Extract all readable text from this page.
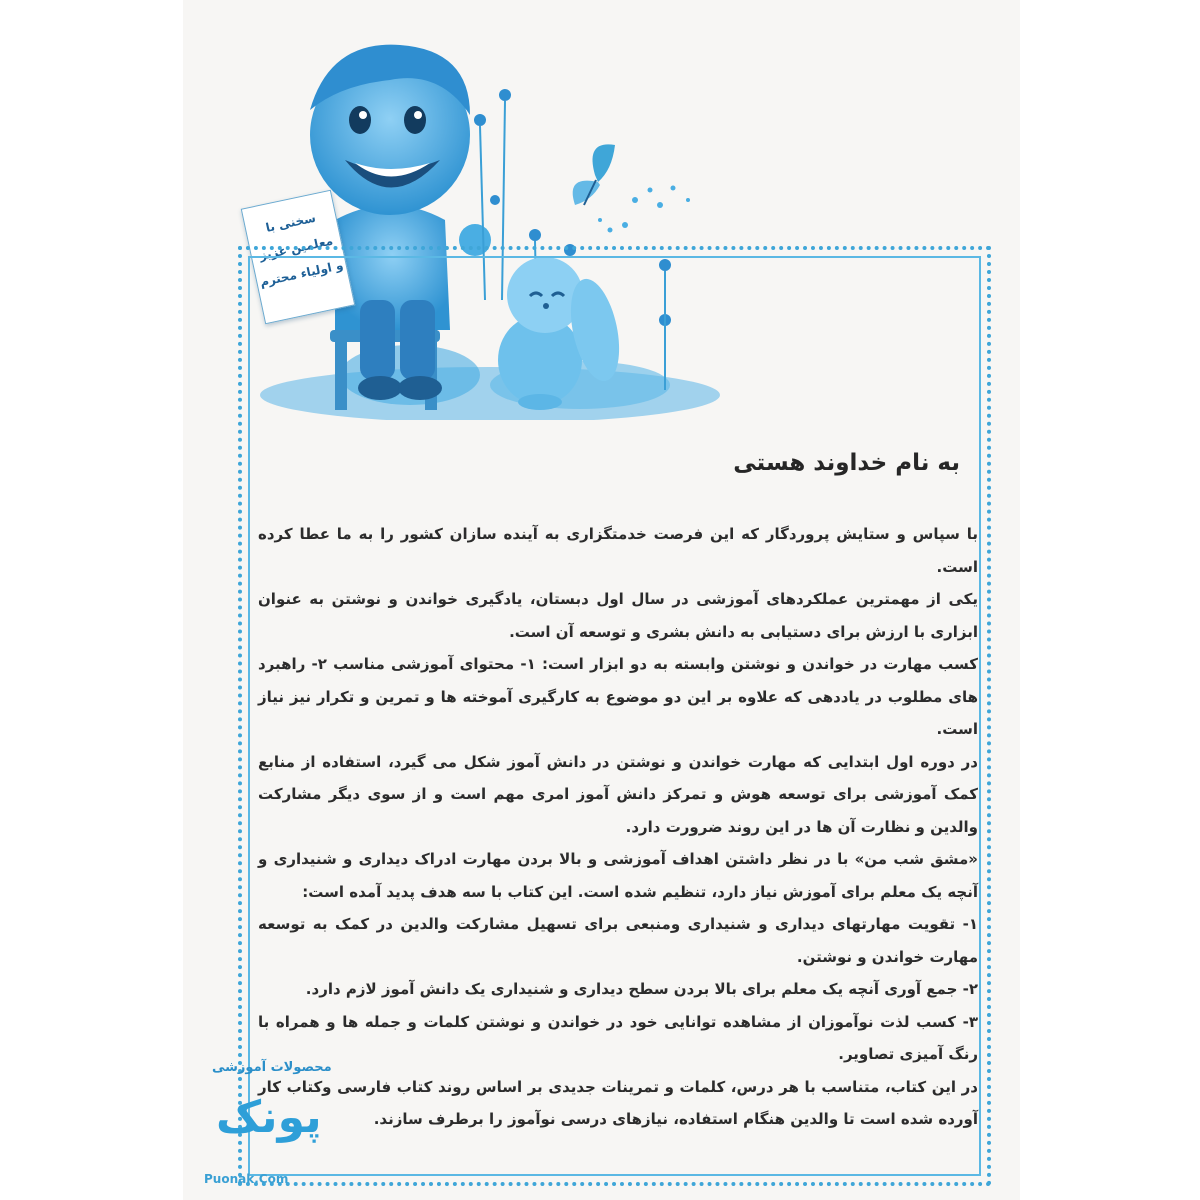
سخنی با
معلمین عزیز
و اولیاء محترم
به نام خداوند هستی

با سپاس و ستایش پروردگار که این فرصت خدمتگزاری به آینده سازان کشور را به ما عطا کرده است.

یکی از مهمترین عملکردهای آموزشی در سال اول دبستان، یادگیری خواندن و نوشتن به عنوان ابزاری با ارزش برای دستیابی به دانش بشری و توسعه آن است.

کسب مهارت در خواندن و نوشتن وابسته به دو ابزار است: ۱- محتوای آموزشی مناسب ۲- راهبرد های مطلوب در یاددهی که علاوه بر این دو موضوع به کارگیری آموخته ها و تمرین و تکرار نیز نیاز است.

در دوره اول ابتدایی که مهارت خواندن و نوشتن در دانش آموز شکل می گیرد، استفاده از منابع کمک آموزشی برای توسعه هوش و تمرکز دانش آموز امری مهم است و از سوی دیگر مشارکت والدین و نظارت آن ها در این روند ضرورت دارد.

«مشق شب من» با در نظر داشتن اهداف آموزشی و بالا بردن مهارت ادراک دیداری و شنیداری و آنچه یک معلم برای آموزش نیاز دارد، تنظیم شده است. این کتاب با سه هدف پدید آمده است:

۱- تقویت مهارتهای دیداری و شنیداری ومنبعی برای تسهیل مشارکت والدین در کمک به توسعه مهارت خواندن و نوشتن.

۲- جمع آوری آنچه یک معلم برای بالا بردن سطح دیداری و شنیداری یک دانش آموز لازم دارد.

۳- کسب لذت نوآموزان از مشاهده توانایی خود در خواندن و نوشتن کلمات و جمله ها و همراه با رنگ آمیزی تصاویر.

در این کتاب، متناسب با هر درس، کلمات و تمرینات جدیدی بر اساس روند کتاب فارسی وکتاب کار آورده شده است تا والدین هنگام استفاده، نیازهای درسی نوآموز را برطرف سازند.

محصولات آموزشی
پونک
Puonak.Com
